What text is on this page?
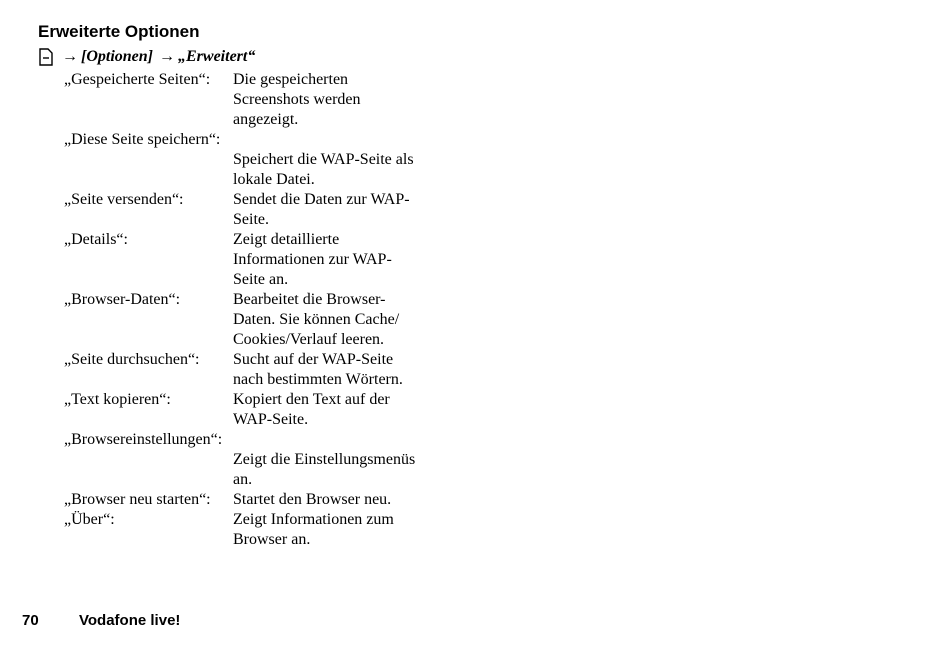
Erweiterte Optionen
→ [Optionen] → „Erweitert“
„Gespeicherte Seiten“:	Die gespeicherten
Screenshots werden
angezeigt.
„Diese Seite speichern“:
Speichert die WAP-Seite als
lokale Datei.
„Seite versenden“:	Sendet die Daten zur WAP-
Seite.
„Details“:	Zeigt detaillierte
Informationen zur WAP-
Seite an.
„Browser-Daten“:	Bearbeitet die Browser-
Daten. Sie können Cache/
Cookies/Verlauf leeren.
„Seite durchsuchen“:	Sucht auf der WAP-Seite
nach bestimmten Wörtern.
„Text kopieren“:	Kopiert den Text auf der
WAP-Seite.
„Browsereinstellungen“:
Zeigt die Einstellungsmenüs
an.
„Browser neu starten“:	Startet den Browser neu.
„Über“:	Zeigt Informationen zum
Browser an.
70	Vodafone live!
